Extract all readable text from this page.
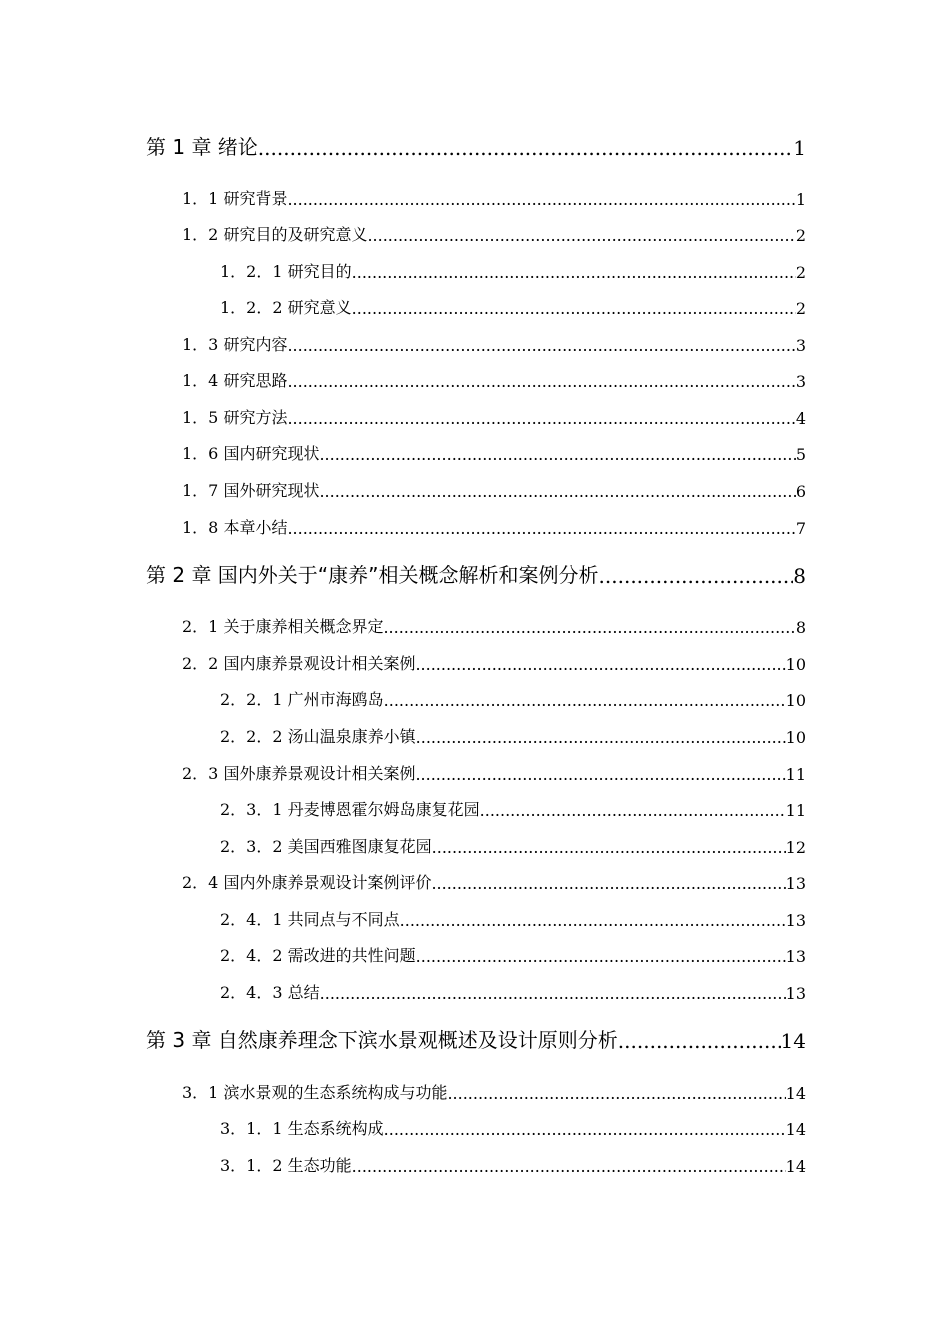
第 1 章 绪论 .....	1
1．1 研究背景 .....	1
1．2 研究目的及研究意义 .....	2
1．2．1 研究目的 .....	2
1．2．2 研究意义 .....	2
1．3 研究内容 .....	3
1．4 研究思路 .....	3
1．5 研究方法 .....	4
1．6 国内研究现状 .....	5
1．7 国外研究现状 .....	6
1．8 本章小结 .....	7
第 2 章 国内外关于“康养”相关概念解析和案例分析 .....	8
2．1 关于康养相关概念界定 .....	8
2．2 国内康养景观设计相关案例 .....	10
2．2．1 广州市海鸥岛 .....	10
2．2．2 汤山温泉康养小镇 .....	10
2．3 国外康养景观设计相关案例 .....	11
2．3．1 丹麦博恩霍尔姆岛康复花园 .....	11
2．3．2 美国西雅图康复花园 .....	12
2．4 国内外康养景观设计案例评价 .....	13
2．4．1 共同点与不同点 .....	13
2．4．2 需改进的共性问题 .....	13
2．4．3 总结 .....	13
第 3 章 自然康养理念下滨水景观概述及设计原则分析 .....	14
3．1 滨水景观的生态系统构成与功能 .....	14
3．1．1 生态系统构成 .....	14
3．1．2 生态功能 .....	14
